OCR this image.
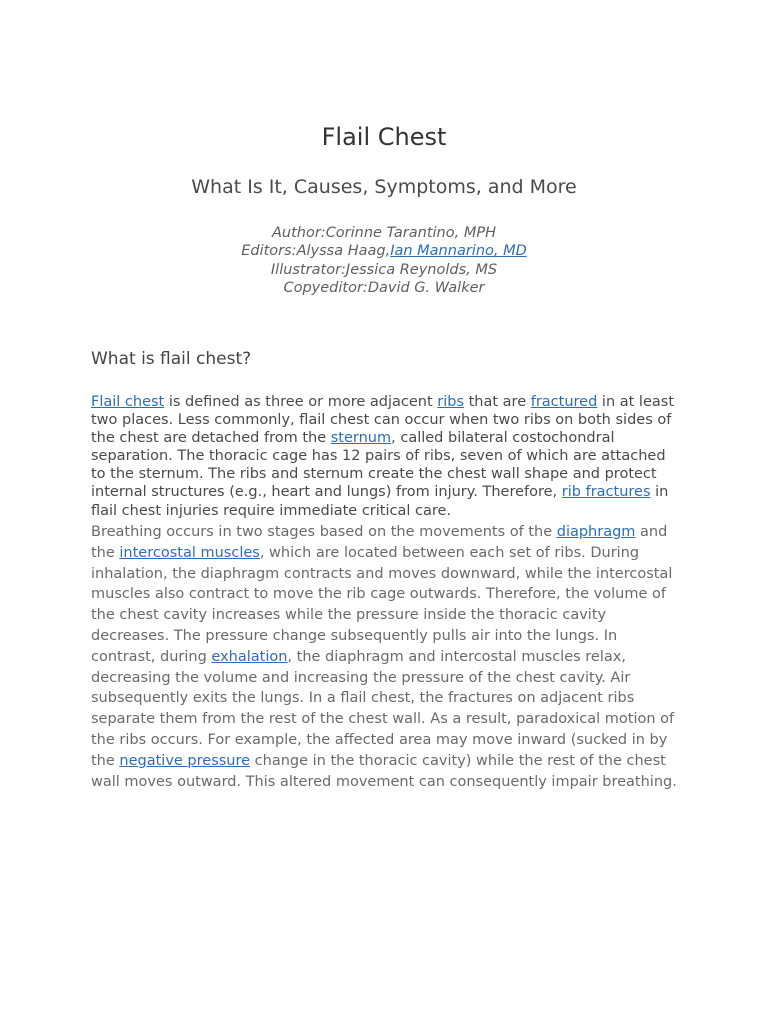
Flail Chest
What Is It, Causes, Symptoms, and More
Author:Corinne Tarantino, MPH
Editors:Alyssa Haag,Ian Mannarino, MD
Illustrator:Jessica Reynolds, MS
Copyeditor:David G. Walker
What is flail chest?
Flail chest is defined as three or more adjacent ribs that are fractured in at least two places. Less commonly, flail chest can occur when two ribs on both sides of the chest are detached from the sternum, called bilateral costochondral separation. The thoracic cage has 12 pairs of ribs, seven of which are attached to the sternum. The ribs and sternum create the chest wall shape and protect internal structures (e.g., heart and lungs) from injury. Therefore, rib fractures in flail chest injuries require immediate critical care.
Breathing occurs in two stages based on the movements of the diaphragm and the intercostal muscles, which are located between each set of ribs. During inhalation, the diaphragm contracts and moves downward, while the intercostal muscles also contract to move the rib cage outwards. Therefore, the volume of the chest cavity increases while the pressure inside the thoracic cavity decreases. The pressure change subsequently pulls air into the lungs. In contrast, during exhalation, the diaphragm and intercostal muscles relax, decreasing the volume and increasing the pressure of the chest cavity. Air subsequently exits the lungs. In a flail chest, the fractures on adjacent ribs separate them from the rest of the chest wall. As a result, paradoxical motion of the ribs occurs. For example, the affected area may move inward (sucked in by the negative pressure change in the thoracic cavity) while the rest of the chest wall moves outward. This altered movement can consequently impair breathing.
